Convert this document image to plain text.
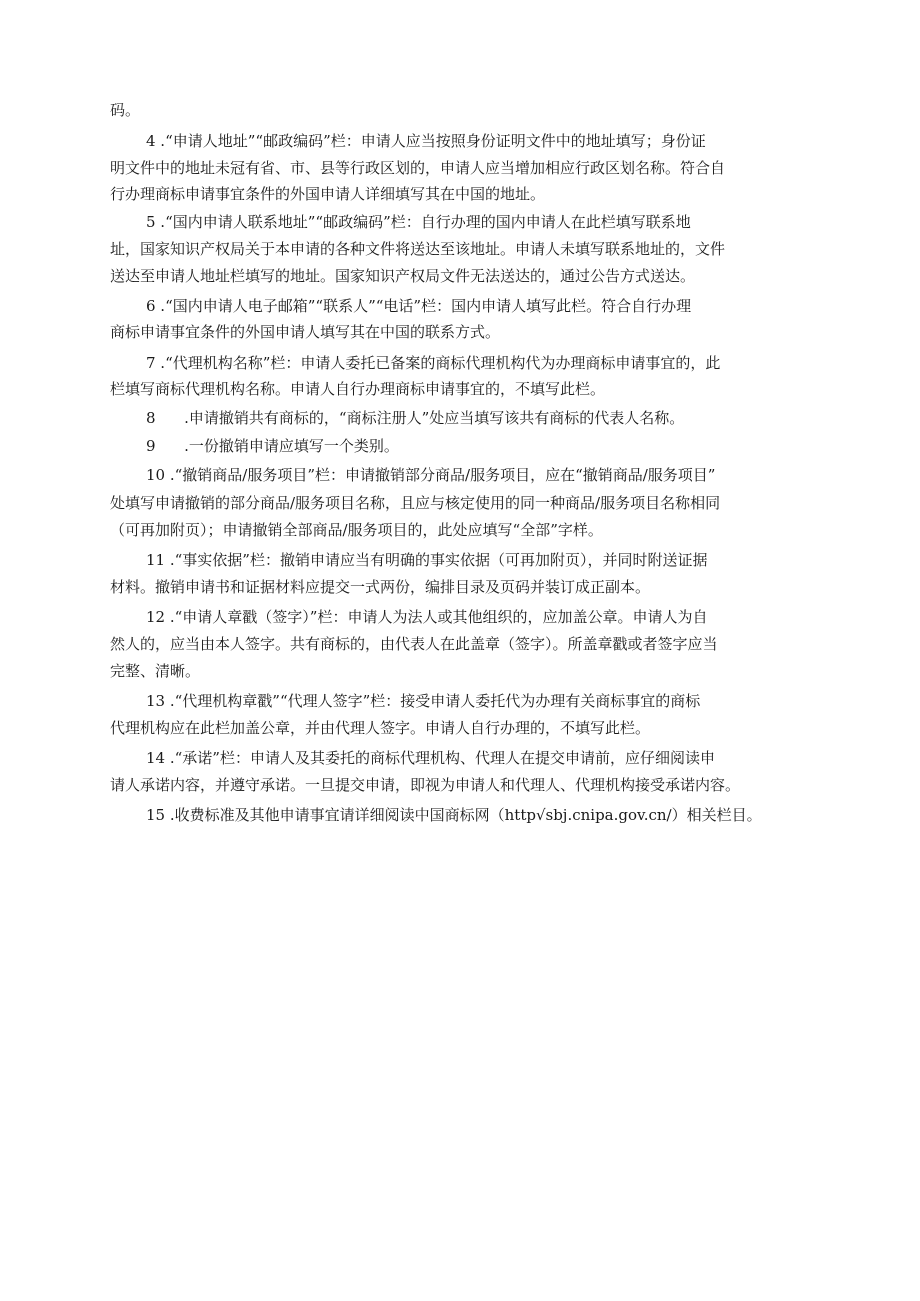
码。
4 .“申请人地址”“邮政编码”栏：申请人应当按照身份证明文件中的地址填写；身份证
明文件中的地址未冠有省、市、县等行政区划的，申请人应当增加相应行政区划名称。符合自
行办理商标申请事宜条件的外国申请人详细填写其在中国的地址。
5 .“国内申请人联系地址”“邮政编码”栏：自行办理的国内申请人在此栏填写联系地
址，国家知识产权局关于本申请的各种文件将送达至该地址。申请人未填写联系地址的，文件
送达至申请人地址栏填写的地址。国家知识产权局文件无法送达的，通过公告方式送达。
6 .“国内申请人电子邮箱”“联系人”“电话”栏：国内申请人填写此栏。符合自行办理
商标申请事宜条件的外国申请人填写其在中国的联系方式。
7 .“代理机构名称”栏：申请人委托已备案的商标代理机构代为办理商标申请事宜的，此
栏填写商标代理机构名称。申请人自行办理商标申请事宜的，不填写此栏。
8      .申请撤销共有商标的，“商标注册人”处应当填写该共有商标的代表人名称。
9      .一份撤销申请应填写一个类别。
10 .“撤销商品/服务项目”栏：申请撤销部分商品/服务项目，应在“撤销商品/服务项目”
处填写申请撤销的部分商品/服务项目名称，且应与核定使用的同一种商品/服务项目名称相同
（可再加附页）；申请撤销全部商品/服务项目的，此处应填写“全部”字样。
11 .“事实依据”栏：撤销申请应当有明确的事实依据（可再加附页），并同时附送证据
材料。撤销申请书和证据材料应提交一式两份，编排目录及页码并装订成正副本。
12 .“申请人章戳（签字）”栏：申请人为法人或其他组织的，应加盖公章。申请人为自
然人的，应当由本人签字。共有商标的，由代表人在此盖章（签字）。所盖章戳或者签字应当
完整、清晰。
13 .“代理机构章戳”“代理人签字”栏：接受申请人委托代为办理有关商标事宜的商标
代理机构应在此栏加盖公章，并由代理人签字。申请人自行办理的，不填写此栏。
14 .“承诺”栏：申请人及其委托的商标代理机构、代理人在提交申请前，应仔细阅读申
请人承诺内容，并遵守承诺。一旦提交申请，即视为申请人和代理人、代理机构接受承诺内容。
15 .收费标准及其他申请事宜请详细阅读中国商标网（http√sbj.cnipa.gov.cn∕）相关栏目。
